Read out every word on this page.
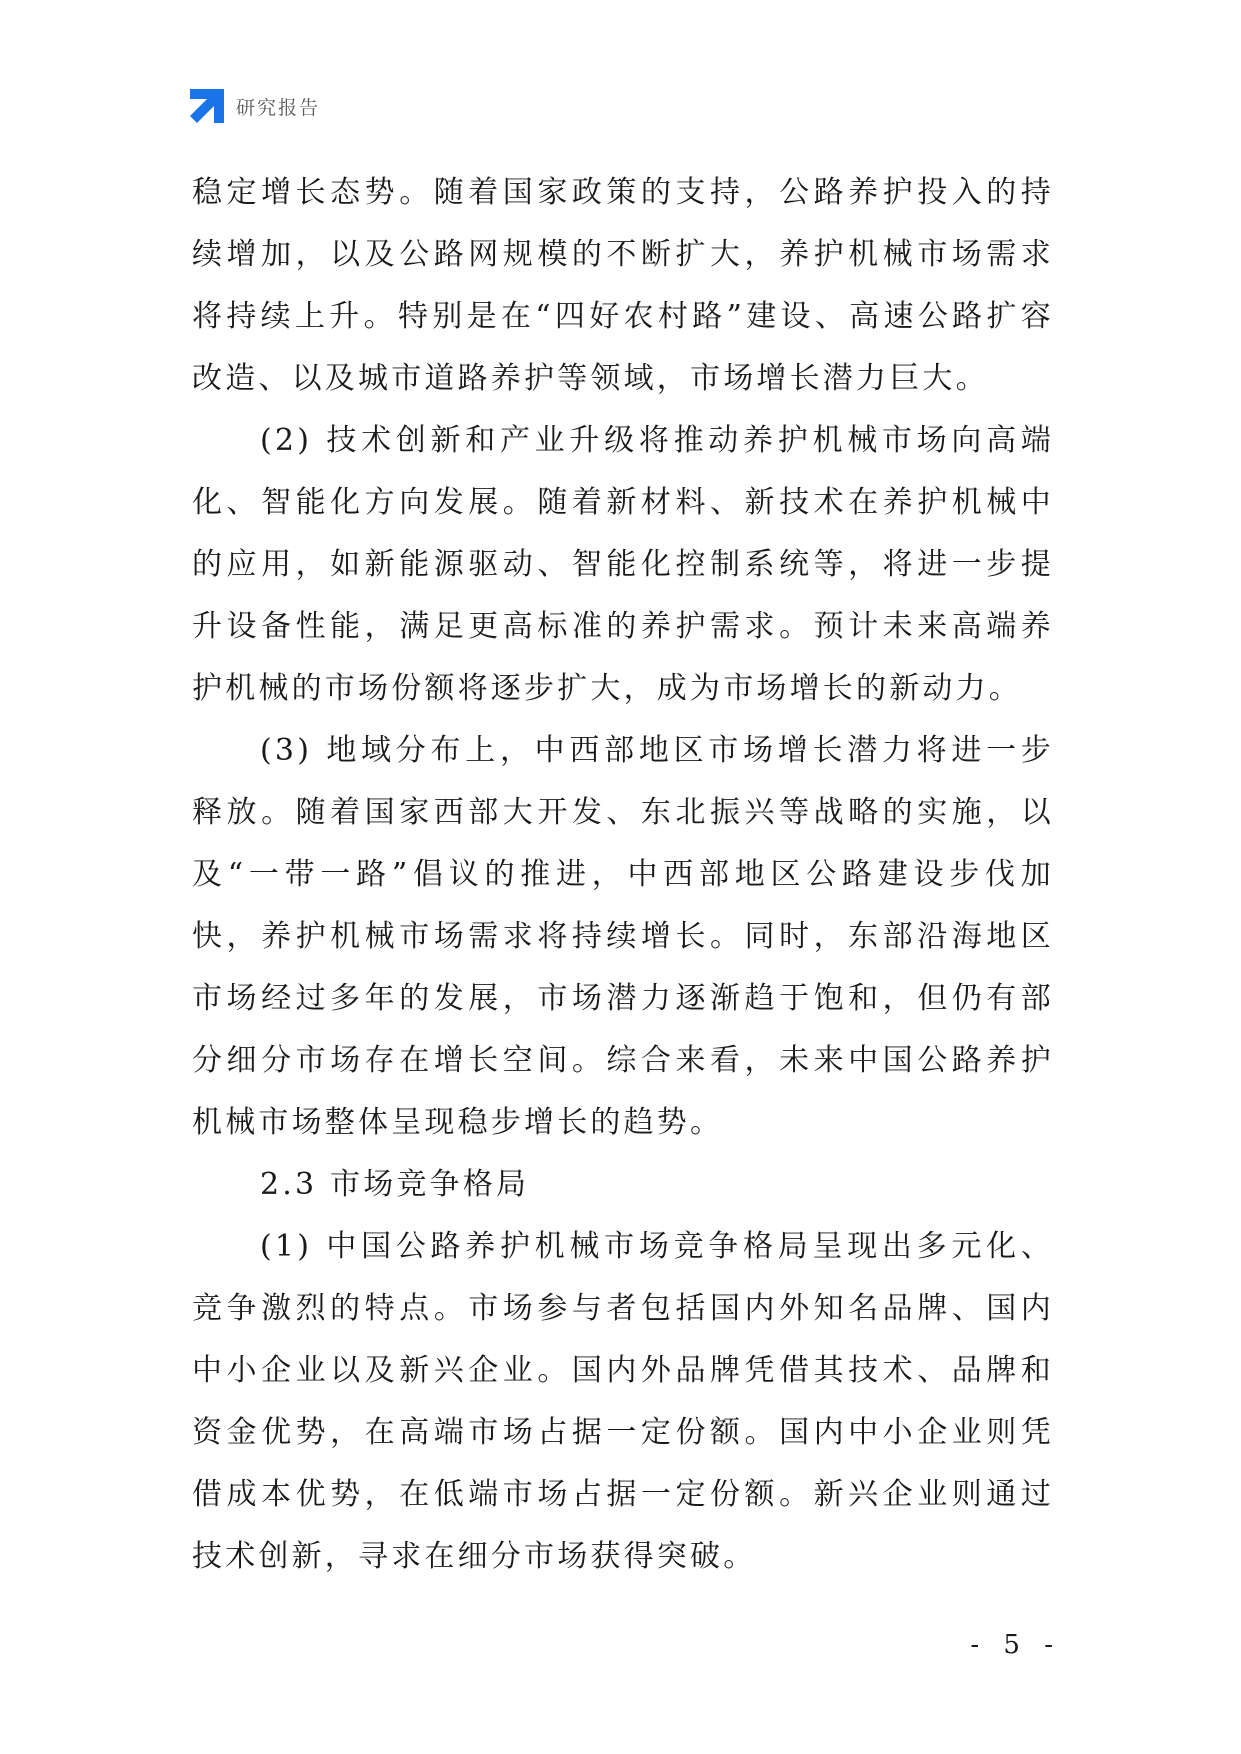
研究报告

稳定增长态势。随着国家政策的支持，公路养护投入的持续增加，以及公路网规模的不断扩大，养护机械市场需求将持续上升。特别是在“四好农村路”建设、高速公路扩容改造、以及城市道路养护等领域，市场增长潜力巨大。

(2) 技术创新和产业升级将推动养护机械市场向高端化、智能化方向发展。随着新材料、新技术在养护机械中的应用，如新能源驱动、智能化控制系统等，将进一步提升设备性能，满足更高标准的养护需求。预计未来高端养护机械的市场份额将逐步扩大，成为市场增长的新动力。

(3) 地域分布上，中西部地区市场增长潜力将进一步释放。随着国家西部大开发、东北振兴等战略的实施，以及“一带一路”倡议的推进，中西部地区公路建设步伐加快，养护机械市场需求将持续增长。同时，东部沿海地区市场经过多年的发展，市场潜力逐渐趋于饱和，但仍有部分细分市场存在增长空间。综合来看，未来中国公路养护机械市场整体呈现稳步增长的趋势。

2.3 市场竞争格局

(1) 中国公路养护机械市场竞争格局呈现出多元化、竞争激烈的特点。市场参与者包括国内外知名品牌、国内中小企业以及新兴企业。国内外品牌凭借其技术、品牌和资金优势，在高端市场占据一定份额。国内中小企业则凭借成本优势，在低端市场占据一定份额。新兴企业则通过技术创新，寻求在细分市场获得突破。

- 5 -
